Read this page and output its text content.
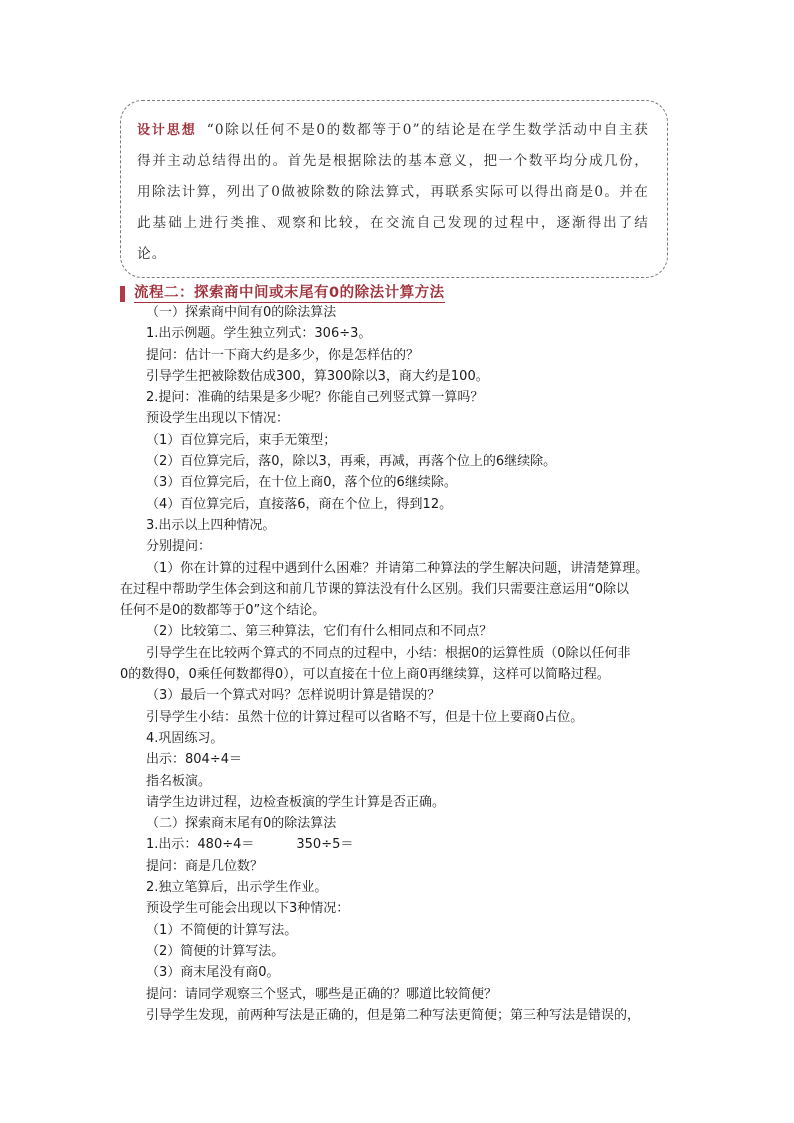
设计思想 “0除以任何不是0的数都等于0”的结论是在学生数学活动中自主获得并主动总结得出的。首先是根据除法的基本意义，把一个数平均分成几份，用除法计算，列出了0做被除数的除法算式，再联系实际可以得出商是0。并在此基础上进行类推、观察和比较，在交流自己发现的过程中，逐渐得出了结论。

流程二：探索商中间或末尾有0的除法计算方法

（一）探索商中间有0的除法算法

1.出示例题。学生独立列式：306÷3。

提问：估计一下商大约是多少，你是怎样估的？

引导学生把被除数估成300，算300除以3，商大约是100。

2.提问：准确的结果是多少呢？你能自己列竖式算一算吗？

预设学生出现以下情况：

（1）百位算完后，束手无策型；

（2）百位算完后，落0，除以3，再乘，再减，再落个位上的6继续除。

（3）百位算完后，在十位上商0，落个位的6继续除。

（4）百位算完后，直接落6，商在个位上，得到12。

3.出示以上四种情况。

分别提问：

（1）你在计算的过程中遇到什么困难？并请第二种算法的学生解决问题，讲清楚算理。

在过程中帮助学生体会到这和前几节课的算法没有什么区别。我们只需要注意运用“0除以

任何不是0的数都等于0”这个结论。

（2）比较第二、第三种算法，它们有什么相同点和不同点？

引导学生在比较两个算式的不同点的过程中，小结：根据0的运算性质（0除以任何非

0的数得0，0乘任何数都得0），可以直接在十位上商0再继续算，这样可以简略过程。

（3）最后一个算式对吗？怎样说明计算是错误的？

引导学生小结：虽然十位的计算过程可以省略不写，但是十位上要商0占位。

4.巩固练习。

出示：804÷4＝

指名板演。

请学生边讲过程，边检查板演的学生计算是否正确。

（二）探索商末尾有0的除法算法

1.出示：480÷4＝	350÷5＝

提问：商是几位数？

2.独立笔算后，出示学生作业。

预设学生可能会出现以下3种情况：

（1）不简便的计算写法。

（2）简便的计算写法。

（3）商末尾没有商0。

提问：请同学观察三个竖式，哪些是正确的？哪道比较简便？

引导学生发现，前两种写法是正确的，但是第二种写法更简便；第三种写法是错误的，
